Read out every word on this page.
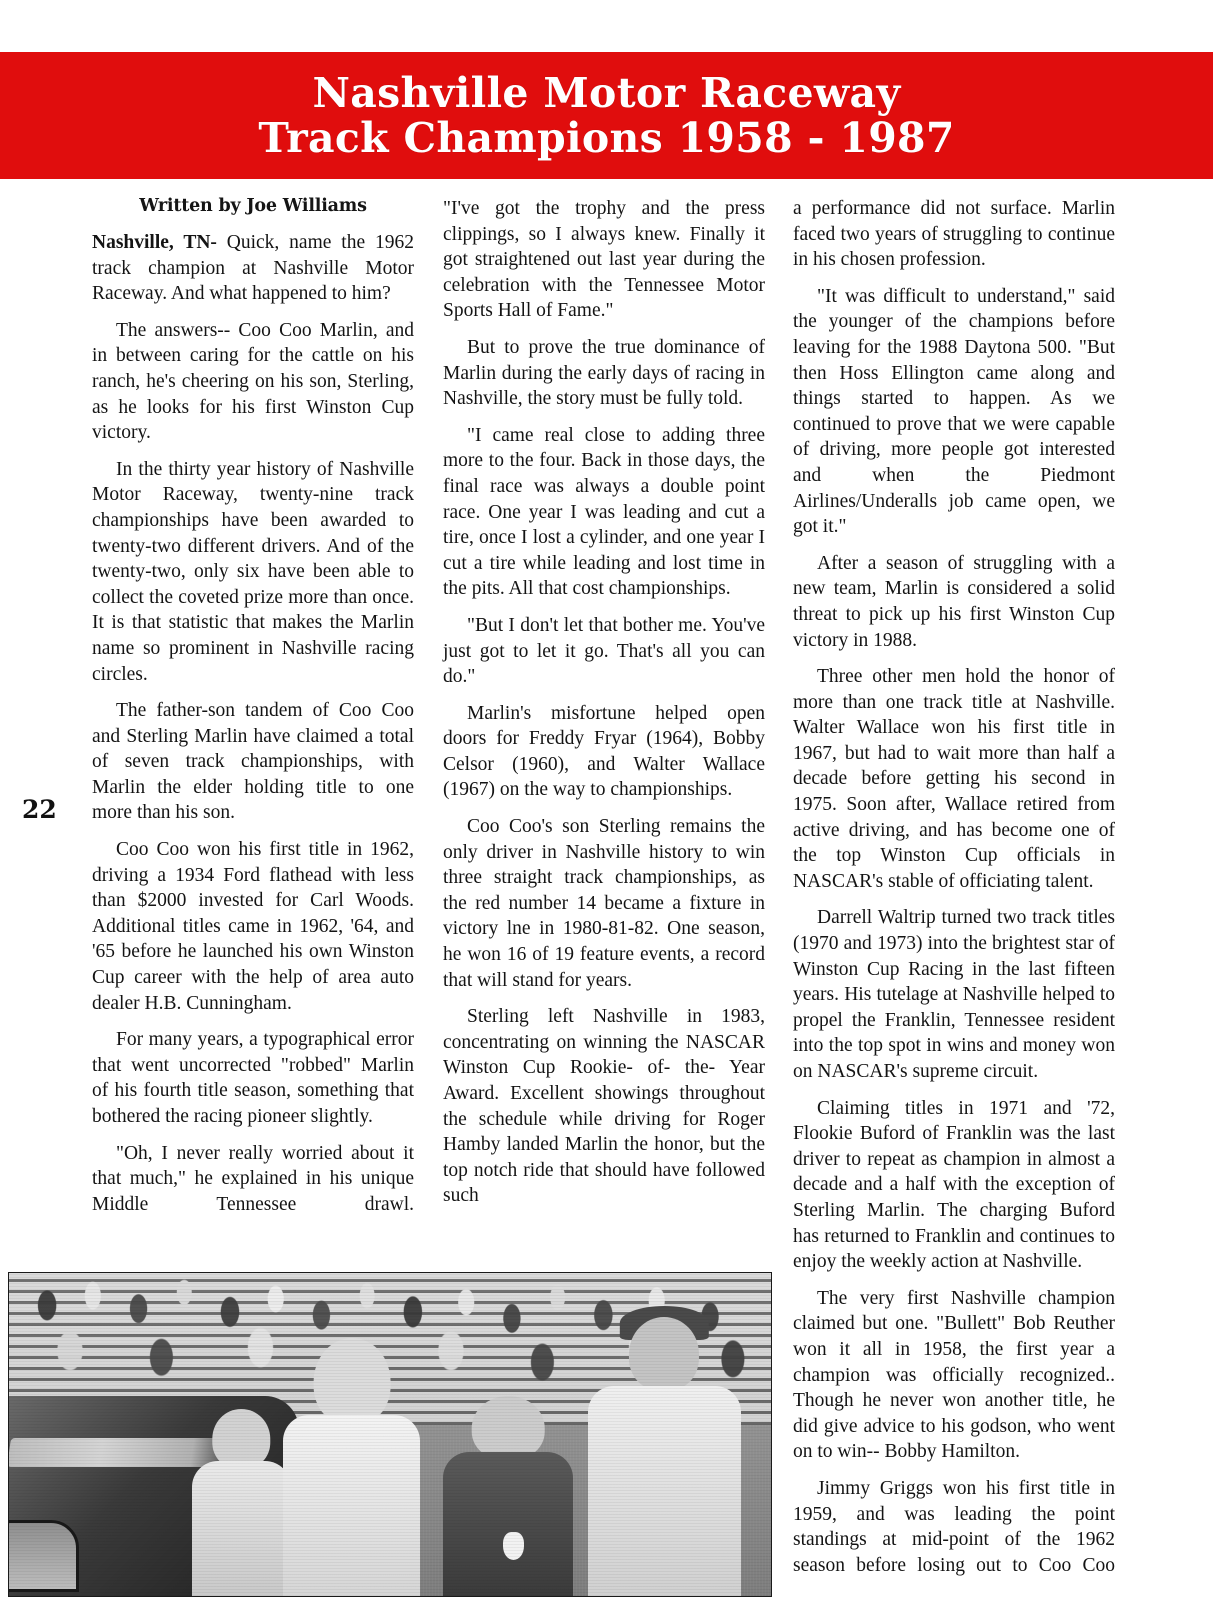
Nashville Motor Raceway
Track Champions 1958 - 1987
22
Written by Joe Williams

Nashville, TN- Quick, name the 1962 track champion at Nashville Motor Raceway. And what happened to him?

The answers-- Coo Coo Marlin, and in between caring for the cattle on his ranch, he's cheering on his son, Sterling, as he looks for his first Winston Cup victory.

In the thirty year history of Nashville Motor Raceway, twenty-nine track championships have been awarded to twenty-two different drivers. And of the twenty-two, only six have been able to collect the coveted prize more than once. It is that statistic that makes the Marlin name so prominent in Nashville racing circles.

The father-son tandem of Coo Coo and Sterling Marlin have claimed a total of seven track championships, with Marlin the elder holding title to one more than his son.

Coo Coo won his first title in 1962, driving a 1934 Ford flathead with less than $2000 invested for Carl Woods. Additional titles came in 1962, '64, and '65 before he launched his own Winston Cup career with the help of area auto dealer H.B. Cunningham.

For many years, a typographical error that went uncorrected "robbed" Marlin of his fourth title season, something that bothered the racing pioneer slightly.

"Oh, I never really worried about it that much," he explained in his unique Middle Tennessee drawl.

"I've got the trophy and the press clippings, so I always knew. Finally it got straightened out last year during the celebration with the Tennessee Motor Sports Hall of Fame."

But to prove the true dominance of Marlin during the early days of racing in Nashville, the story must be fully told.

"I came real close to adding three more to the four. Back in those days, the final race was always a double point race. One year I was leading and cut a tire, once I lost a cylinder, and one year I cut a tire while leading and lost time in the pits. All that cost championships.

"But I don't let that bother me. You've just got to let it go. That's all you can do."

Marlin's misfortune helped open doors for Freddy Fryar (1964), Bobby Celsor (1960), and Walter Wallace (1967) on the way to championships.

Coo Coo's son Sterling remains the only driver in Nashville history to win three straight track championships, as the red number 14 became a fixture in victory lne in 1980-81-82. One season, he won 16 of 19 feature events, a record that will stand for years.

Sterling left Nashville in 1983, concentrating on winning the NASCAR Winston Cup Rookie- of- the- Year Award. Excellent showings throughout the schedule while driving for Roger Hamby landed Marlin the honor, but the top notch ride that should have followed such

a performance did not surface. Marlin faced two years of struggling to continue in his chosen profession.

"It was difficult to understand," said the younger of the champions before leaving for the 1988 Daytona 500. "But then Hoss Ellington came along and things started to happen. As we continued to prove that we were capable of driving, more people got interested and when the Piedmont Airlines/Underalls job came open, we got it."

After a season of struggling with a new team, Marlin is considered a solid threat to pick up his first Winston Cup victory in 1988.

Three other men hold the honor of more than one track title at Nashville. Walter Wallace won his first title in 1967, but had to wait more than half a decade before getting his second in 1975. Soon after, Wallace retired from active driving, and has become one of the top Winston Cup officials in NASCAR's stable of officiating talent.

Darrell Waltrip turned two track titles (1970 and 1973) into the brightest star of Winston Cup Racing in the last fifteen years. His tutelage at Nashville helped to propel the Franklin, Tennessee resident into the top spot in wins and money won on NASCAR's supreme circuit.

Claiming titles in 1971 and '72, Flookie Buford of Franklin was the last driver to repeat as champion in almost a decade and a half with the exception of Sterling Marlin. The charging Buford has returned to Franklin and continues to enjoy the weekly action at Nashville.

The very first Nashville champion claimed but one. "Bullett" Bob Reuther won it all in 1958, the first year a champion was officially recognized.. Though he never won another title, he did give advice to his godson, who went on to win-- Bobby Hamilton.

Jimmy Griggs won his first title in 1959, and was leading the point standings at mid-point of the 1962 season before losing out to Coo Coo
